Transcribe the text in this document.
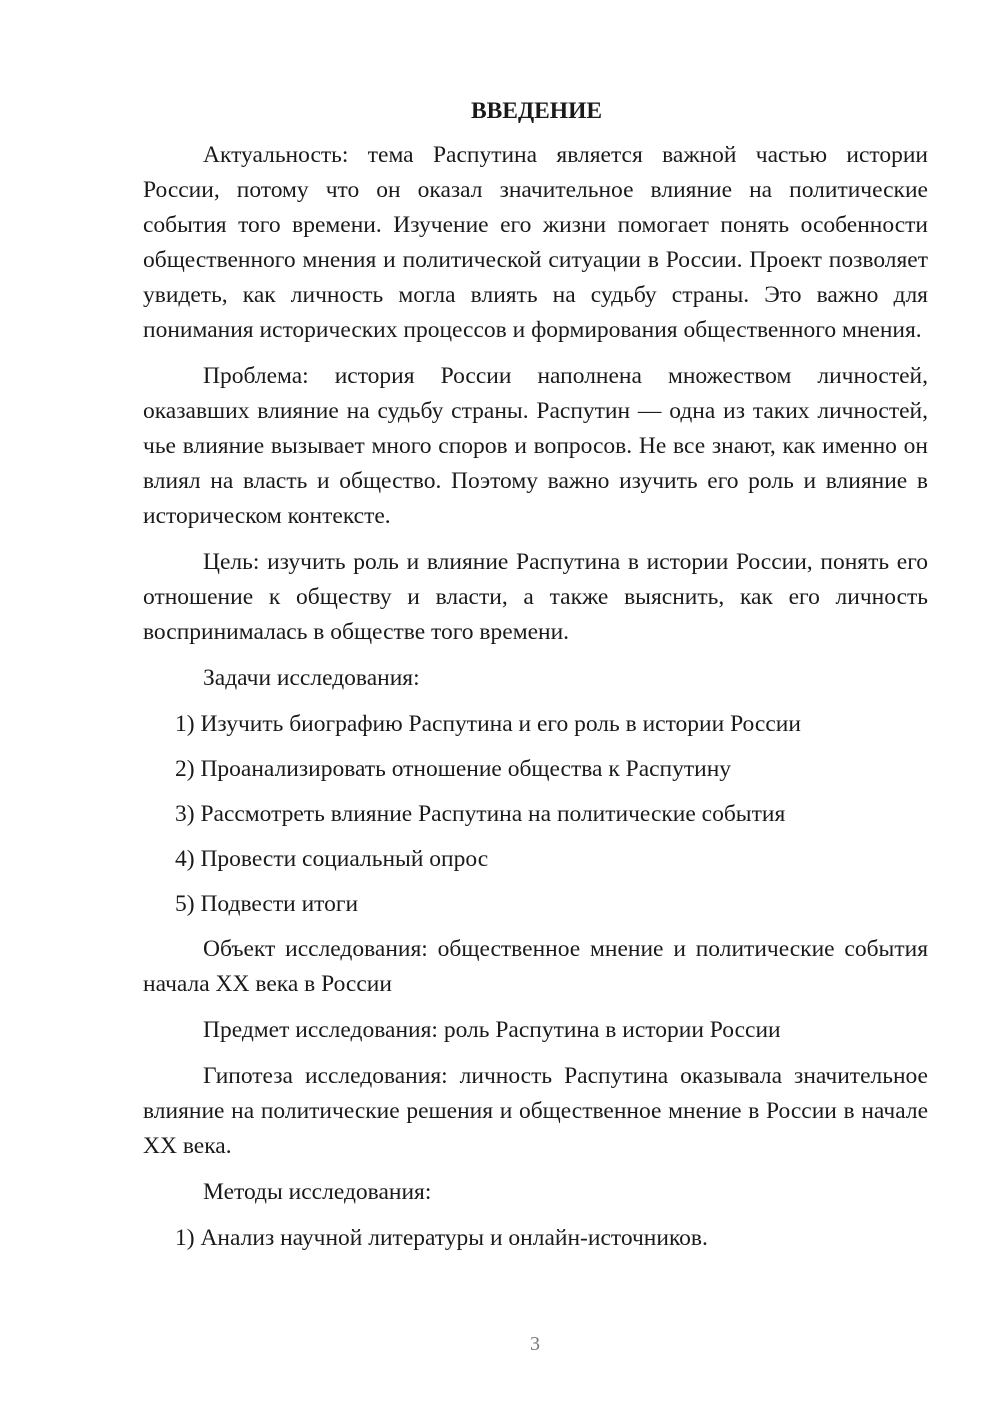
ВВЕДЕНИЕ

Актуальность: тема Распутина является важной частью истории России, потому что он оказал значительное влияние на политические события того времени. Изучение его жизни помогает понять особенности общественного мнения и политической ситуации в России. Проект позволяет увидеть, как личность могла влиять на судьбу страны. Это важно для понимания исторических процессов и формирования общественного мнения.

Проблема: история России наполнена множеством личностей, оказавших влияние на судьбу страны. Распутин — одна из таких личностей, чье влияние вызывает много споров и вопросов. Не все знают, как именно он влиял на власть и общество. Поэтому важно изучить его роль и влияние в историческом контексте.

Цель: изучить роль и влияние Распутина в истории России, понять его отношение к обществу и власти, а также выяснить, как его личность воспринималась в обществе того времени.

Задачи исследования:

1) Изучить биографию Распутина и его роль в истории России
2) Проанализировать отношение общества к Распутину
3) Рассмотреть влияние Распутина на политические события
4) Провести социальный опрос
5) Подвести итоги

Объект исследования: общественное мнение и политические события начала XX века в России

Предмет исследования: роль Распутина в истории России

Гипотеза исследования: личность Распутина оказывала значительное влияние на политические решения и общественное мнение в России в начале XX века.

Методы исследования:

1) Анализ научной литературы и онлайн-источников.
3
